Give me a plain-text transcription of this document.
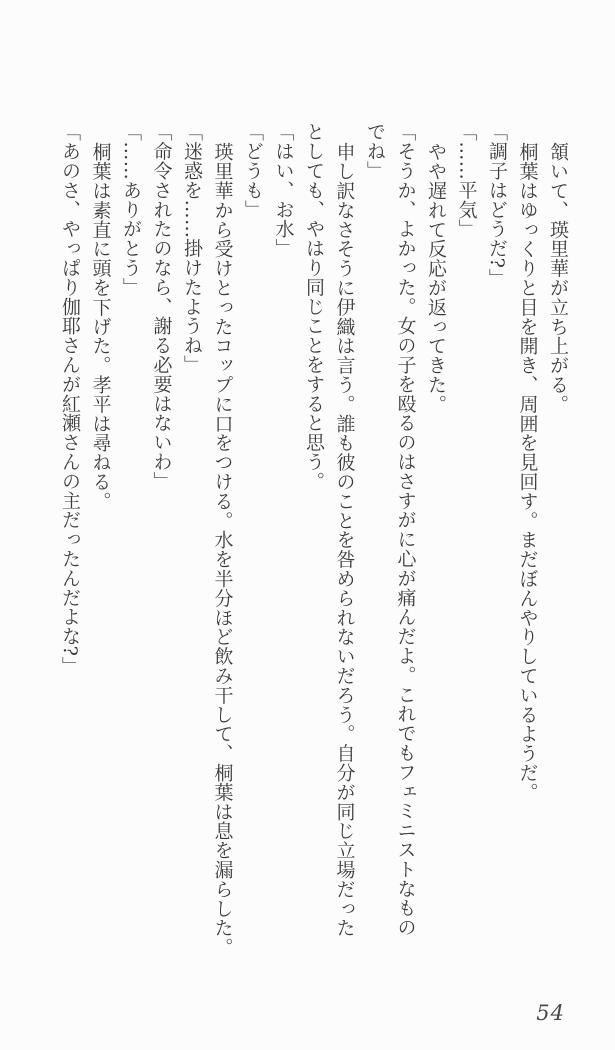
頷いて、瑛里華が立ち上がる。
桐葉はゆっくりと目を開き、周囲を見回す。まだぼんやりしているようだ。
「調子はどうだ?」
「……平気」
やや遅れて反応が返ってきた。
「そうか、よかった。女の子を殴るのはさすがに心が痛んだよ。これでもフェミニストなもの
でね」
申し訳なさそうに伊織は言う。誰も彼のことを咎められないだろう。自分が同じ立場だった
としても、やはり同じことをすると思う。
「はい、お水」
「どうも」
瑛里華から受けとったコップに口をつける。水を半分ほど飲み干して、桐葉は息を漏らした。
「迷惑を……掛けたようね」
「命令されたのなら、謝る必要はないわ」
「……ありがとう」
桐葉は素直に頭を下げた。孝平は尋ねる。
「あのさ、やっぱり伽耶さんが紅瀬さんの主だったんだよな?」
54
